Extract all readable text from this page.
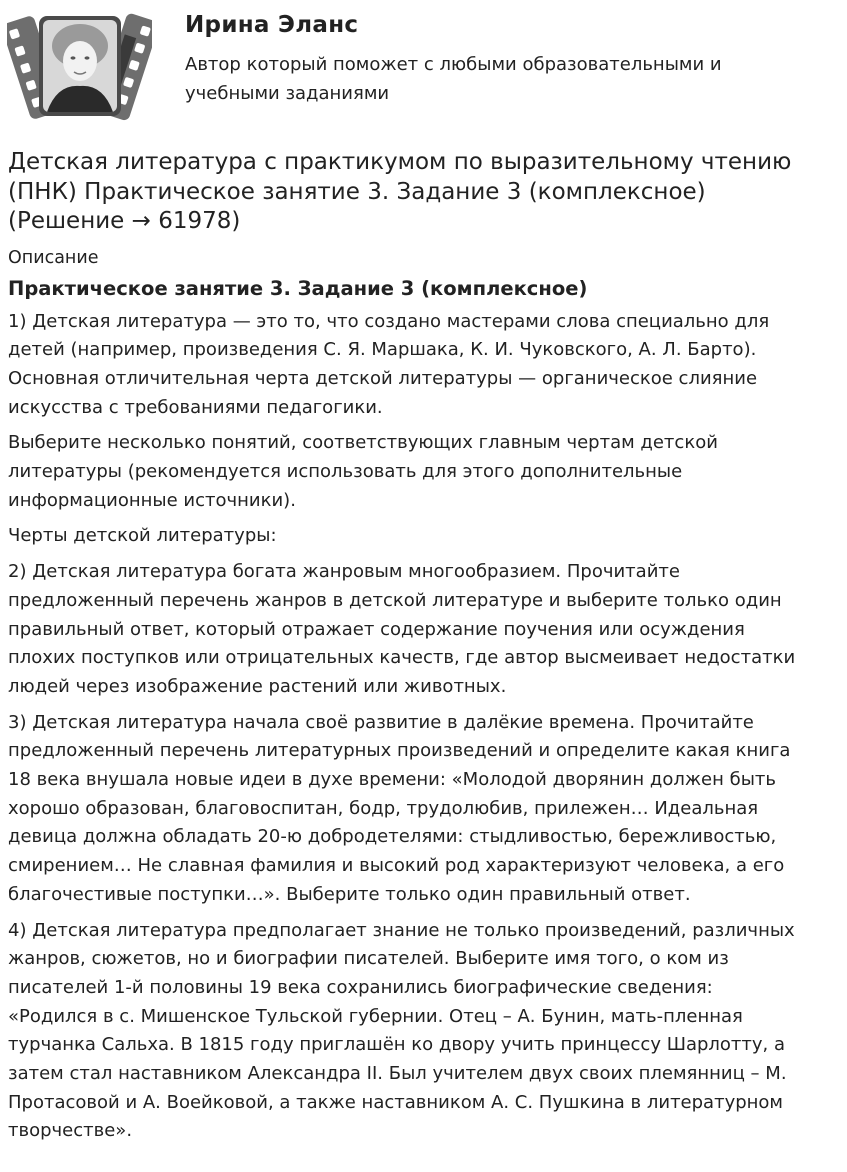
Ирина Эланс
Автор который поможет с любыми образовательными и
учебными заданиями
Детская литература с практикумом по выразительному чтению
(ПНК) Практическое занятие 3. Задание 3 (комплексное)
(Решение → 61978)
Описание
Практическое занятие 3. Задание 3 (комплексное)
1) Детская литература — это то, что создано мастерами слова специально для
детей (например, произведения С. Я. Маршака, К. И. Чуковского, А. Л. Барто).
Основная отличительная черта детской литературы — органическое слияние
искусства с требованиями педагогики.
Выберите несколько понятий, соответствующих главным чертам детской
литературы (рекомендуется использовать для этого дополнительные
информационные источники).
Черты детской литературы:
2) Детская литература богата жанровым многообразием. Прочитайте
предложенный перечень жанров в детской литературе и выберите только один
правильный ответ, который отражает содержание поучения или осуждения
плохих поступков или отрицательных качеств, где автор высмеивает недостатки
людей через изображение растений или животных.
3) Детская литература начала своё развитие в далёкие времена. Прочитайте
предложенный перечень литературных произведений и определите какая книга
18 века внушала новые идеи в духе времени: «Молодой дворянин должен быть
хорошо образован, благовоспитан, бодр, трудолюбив, прилежен… Идеальная
девица должна обладать 20-ю добродетелями: стыдливостью, бережливостью,
смирением… Не славная фамилия и высокий род характеризуют человека, а его
благочестивые поступки…». Выберите только один правильный ответ.
4) Детская литература предполагает знание не только произведений, различных
жанров, сюжетов, но и биографии писателей. Выберите имя того, о ком из
писателей 1-й половины 19 века сохранились биографические сведения:
«Родился в с. Мишенское Тульской губернии. Отец – А. Бунин, мать-пленная
турчанка Сальха. В 1815 году приглашён ко двору учить принцессу Шарлотту, а
затем стал наставником Александра II. Был учителем двух своих племянниц – М.
Протасовой и А. Воейковой, а также наставником А. С. Пушкина в литературном
творчестве».
